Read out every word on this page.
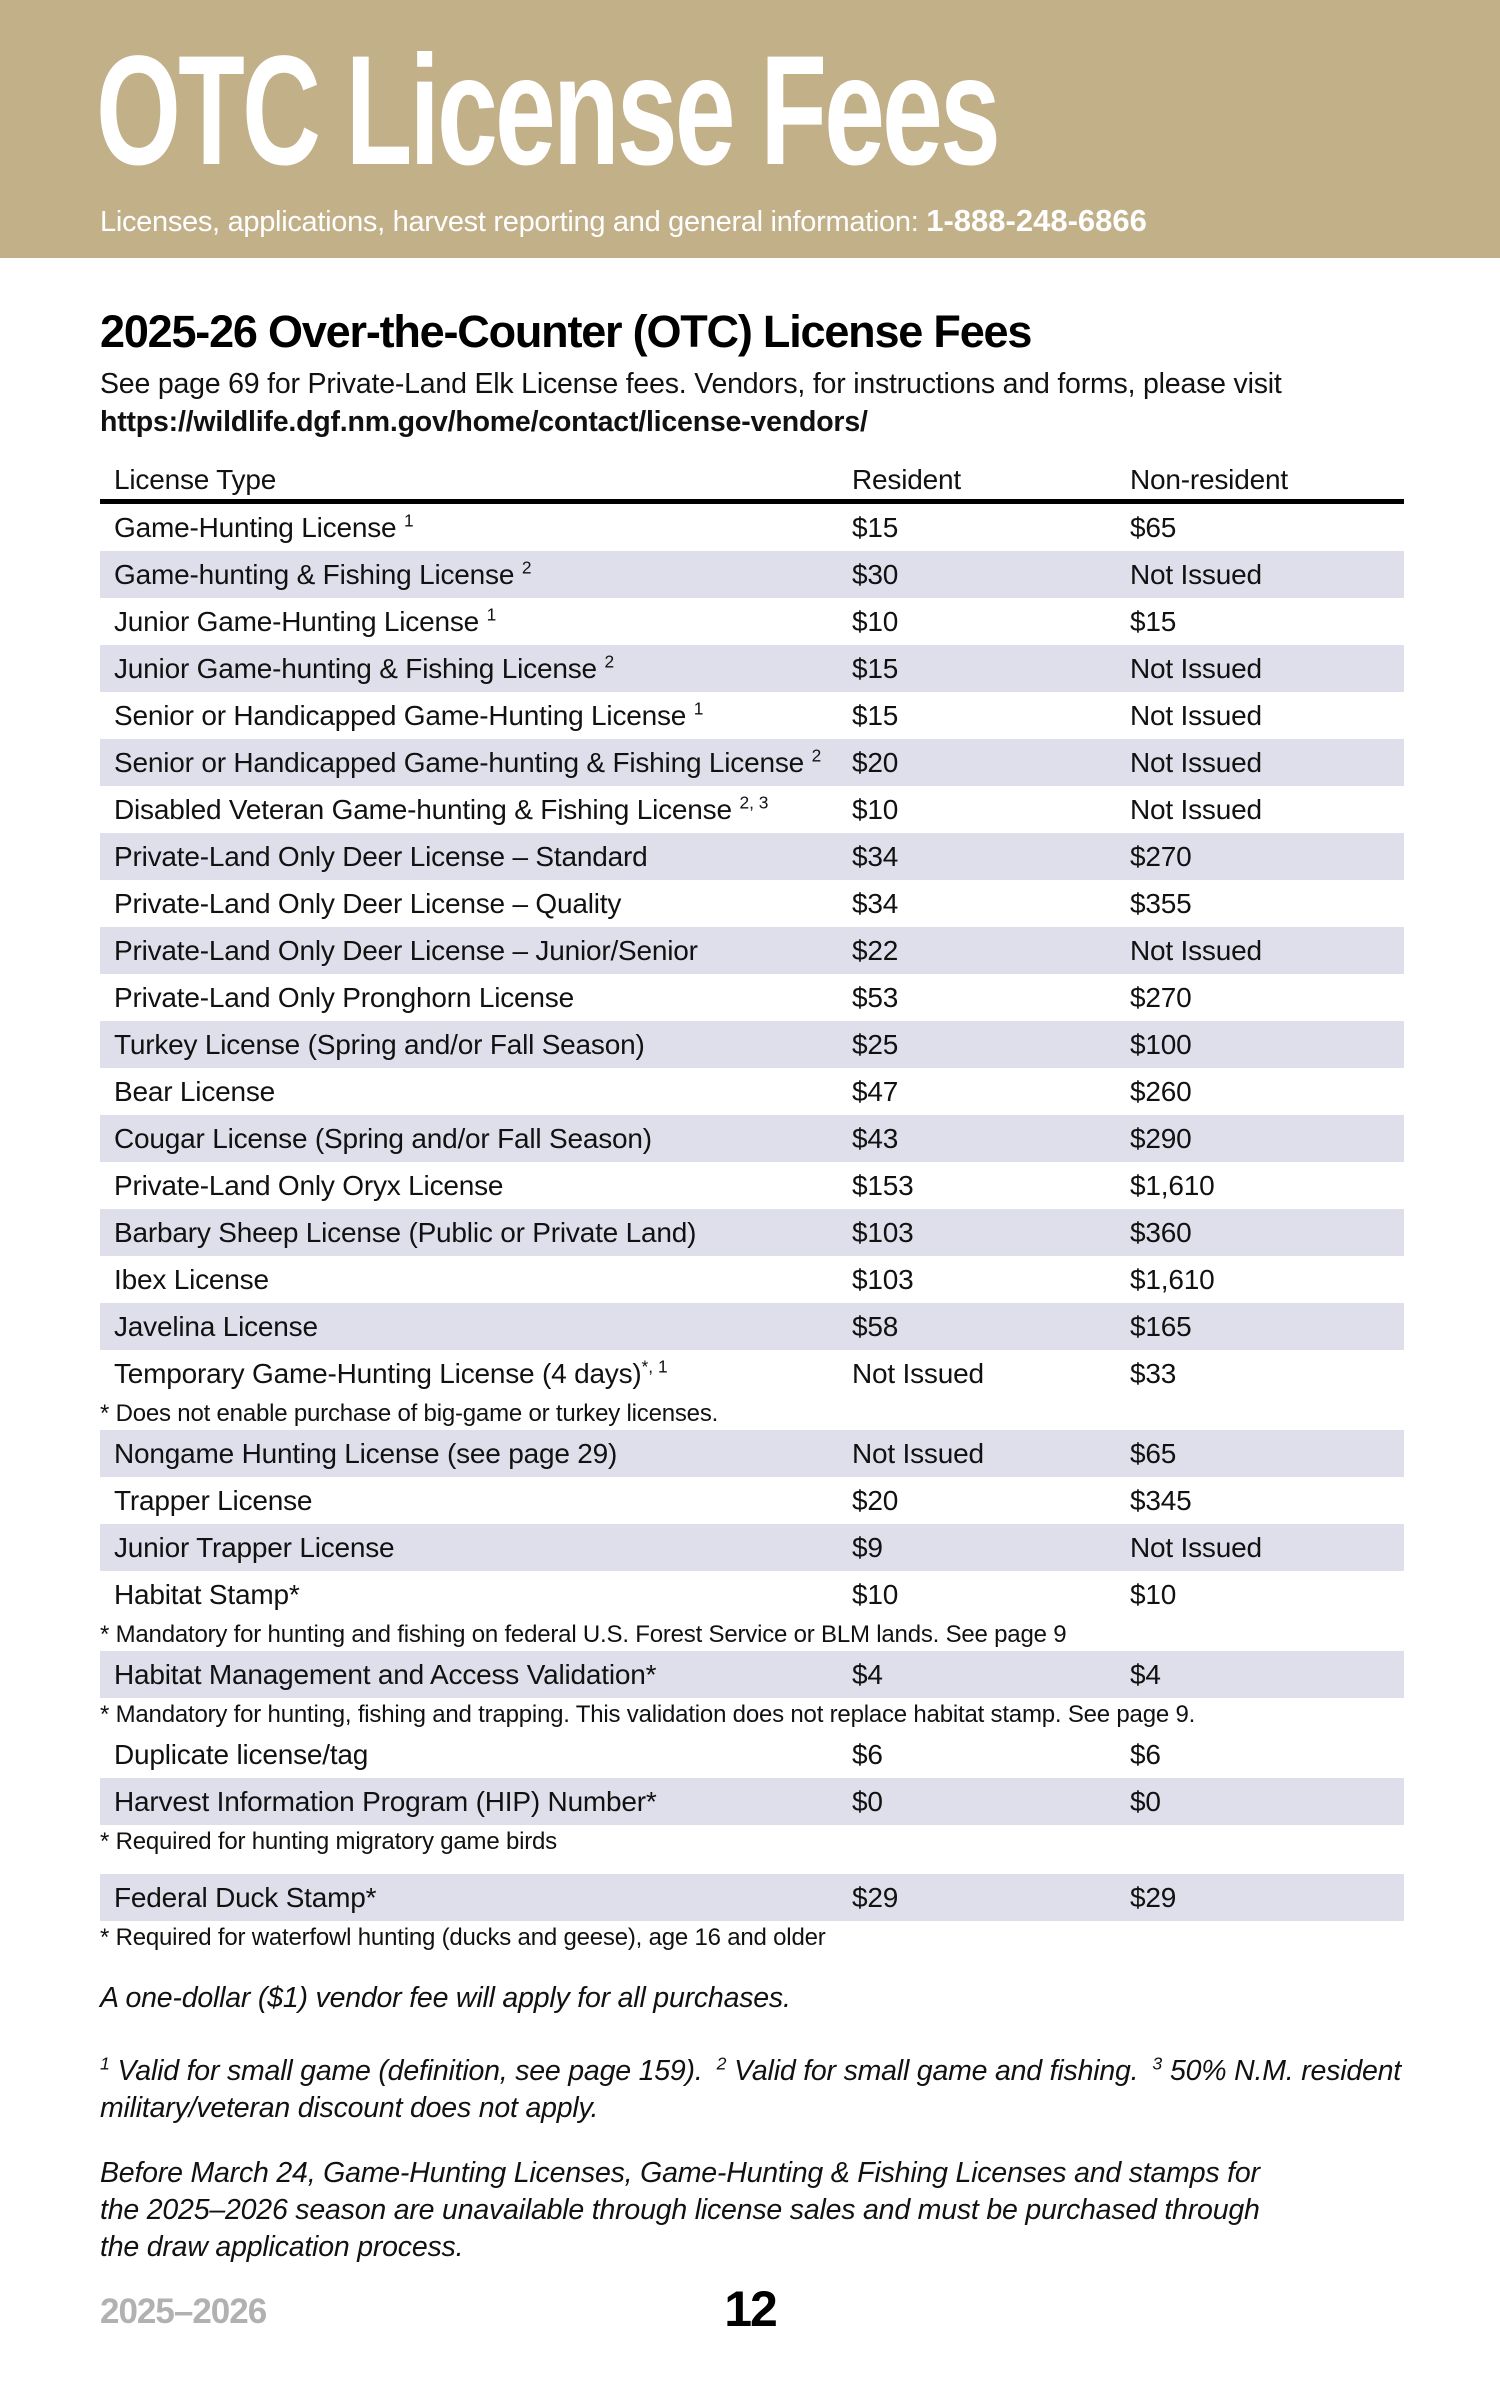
OTC License Fees
Licenses, applications, harvest reporting and general information: 1-888-248-6866
2025-26 Over-the-Counter (OTC) License Fees

See page 69 for Private-Land Elk License fees. Vendors, for instructions and forms, please visit
https://wildlife.dgf.nm.gov/home/contact/license-vendors/

License Type	Resident	Non-resident
Game-Hunting License $^1$	$15	$65
Game-hunting & Fishing License $^2$	$30	Not Issued
Junior Game-Hunting License $^1$	$10	$15
Junior Game-hunting & Fishing License $^2$	$15	Not Issued
Senior or Handicapped Game-Hunting License $^1$	$15	Not Issued
Senior or Handicapped Game-hunting & Fishing License $^2$	$20	Not Issued
Disabled Veteran Game-hunting & Fishing License $^{2, 3}$	$10	Not Issued
Private-Land Only Deer License – Standard	$34	$270
Private-Land Only Deer License – Quality	$34	$355
Private-Land Only Deer License – Junior/Senior	$22	Not Issued
Private-Land Only Pronghorn License	$53	$270
Turkey License (Spring and/or Fall Season)	$25	$100
Bear License	$47	$260
Cougar License (Spring and/or Fall Season)	$43	$290
Private-Land Only Oryx License	$153	$1,610
Barbary Sheep License (Public or Private Land)	$103	$360
Ibex License	$103	$1,610
Javelina License	$58	$165
Temporary Game-Hunting License (4 days)$^{*, 1}$	Not Issued	$33
* Does not enable purchase of big-game or turkey licenses.
Nongame Hunting License (see page 29)	Not Issued	$65
Trapper License	$20	$345
Junior Trapper License	$9	Not Issued
Habitat Stamp*	$10	$10
* Mandatory for hunting and fishing on federal U.S. Forest Service or BLM lands. See page 9
Habitat Management and Access Validation*	$4	$4
* Mandatory for hunting, fishing and trapping. This validation does not replace habitat stamp. See page 9.
Duplicate license/tag	$6	$6
Harvest Information Program (HIP) Number*	$0	$0
* Required for hunting migratory game birds
Federal Duck Stamp*	$29	$29
* Required for waterfowl hunting (ducks and geese), age 16 and older

A one-dollar ($1) vendor fee will apply for all purchases.

$^1$ Valid for small game (definition, see page 159). $^2$ Valid for small game and fishing. $^3$ 50% N.M. resident military/veteran discount does not apply.

Before March 24, Game-Hunting Licenses, Game-Hunting & Fishing Licenses and stamps for the 2025–2026 season are unavailable through license sales and must be purchased through the draw application process.

2025–2026	12
